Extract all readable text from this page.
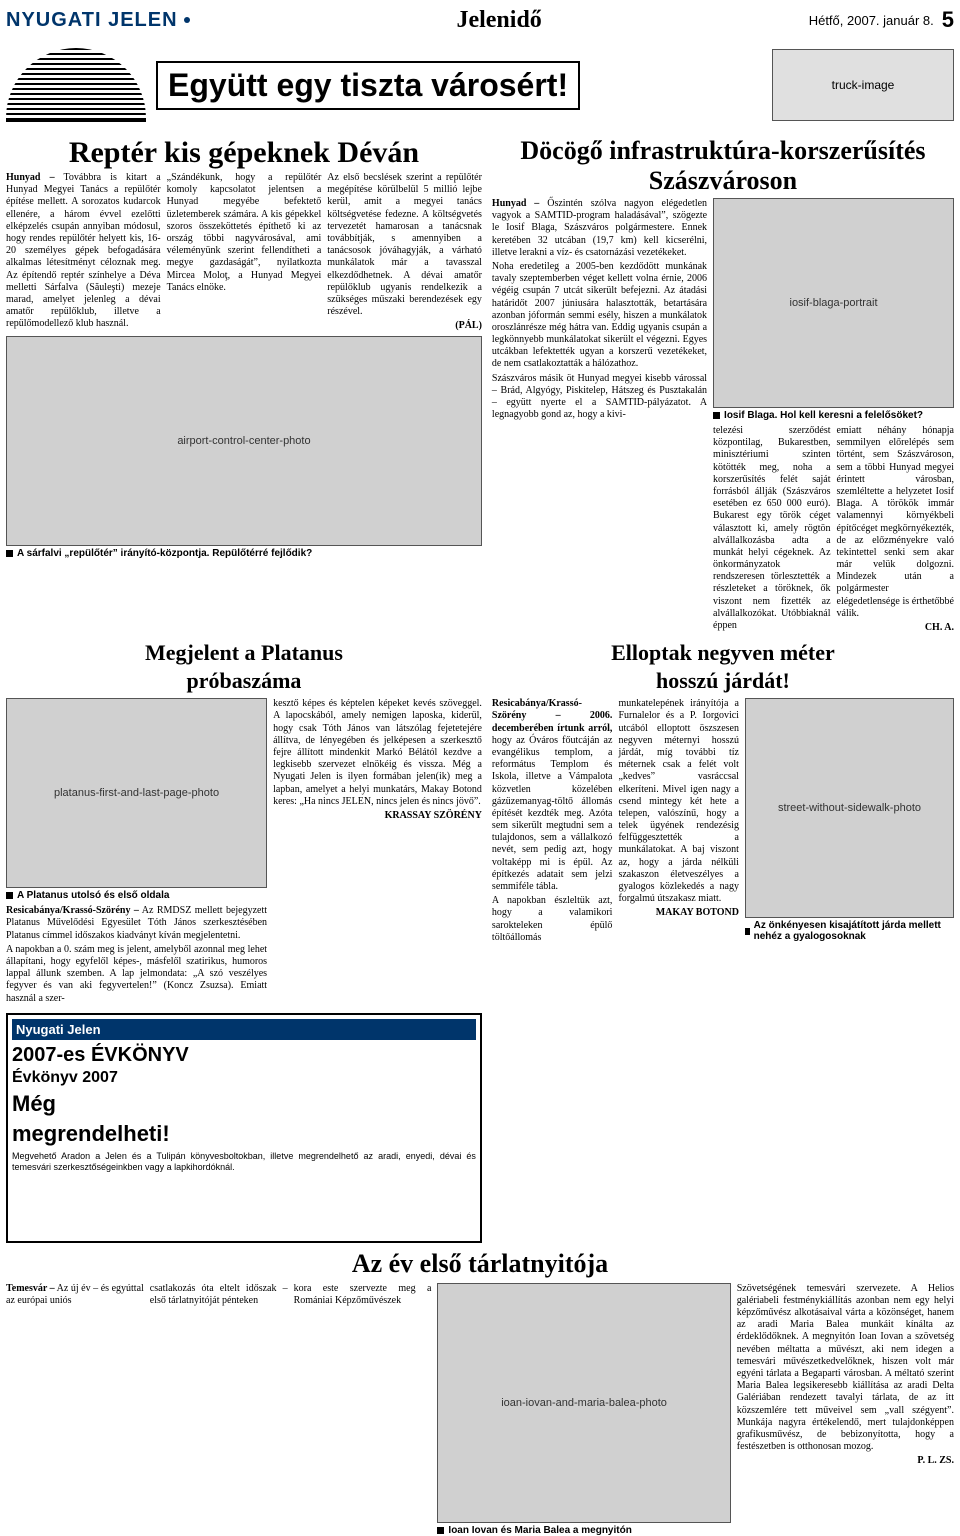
NYUGATI JELEN	Jelenidő	Hétfő, 2007. január 8. 5
Együtt egy tiszta városért!	truck-image
Reptér kis gépeknek Déván

Hunyad – Továbbra is kitart a Hunyad Megyei Tanács a repülőtér építése mellett. A sorozatos kudarcok ellenére, a három évvel ezelőtti elképzelés csupán annyiban módosul, hogy rendes repülőtér helyett kis, 16-20 személyes gépek befogadására alkalmas létesítményt céloznak meg. Az építendő reptér színhelye a Déva melletti Sárfalva (Săuleşti) mezeje marad, amelyet jelenleg a dévai amatőr repülőklub, illetve a repülőmodellező klub használ.

„Szándékunk, hogy a repülőtér komoly kapcsolatot jelentsen a Hunyad megyébe befektető üzletemberek számára. A kis gépekkel szoros összeköttetés építhető ki az ország többi nagyvárosával, ami véleményünk szerint fellendítheti a megye gazdaságát”, nyilatkozta Mircea Moloţ, a Hunyad Megyei Tanács elnöke.

Az első becslések szerint a repülőtér megépítése körülbelül 5 millió lejbe kerül, amit a megyei tanács költségvetése fedezne. A költségvetés tervezetét hamarosan a tanácsnak továbbítják, s amennyiben a tanácsosok jóváhagyják, a várható munkálatok már a tavasszal elkezdődhetnek. A dévai amatőr repülőklub ugyanis rendelkezik a szükséges műszaki berendezések egy részével.

(PÁL)
airport-control-center-photo
A sárfalvi „repülőtér” irányító-központja. Repülőtérré fejlődik?
Döcögő infrastruktúra-korszerűsítés Szászvároson

Hunyad – Őszintén szólva nagyon elégedetlen vagyok a SAMTID-program haladásával”, szögezte le Iosif Blaga, Szászváros polgármestere. Ennek keretében 32 utcában (19,7 km) kell kicserélni, illetve lerakni a víz- és csatornázási vezetékeket.

Noha eredetileg a 2005-ben kezdődött munkának tavaly szeptemberben véget kellett volna érnie, 2006 végéig csupán 7 utcát sikerült befejezni. Az átadási határidőt 2007 júniusára halasztották, betartására azonban jóformán semmi esély, hiszen a munkálatok oroszlánrésze még hátra van. Eddig ugyanis csupán a legkönnyebb munkálatokat sikerült el végezni. Egyes utcákban lefektették ugyan a korszerű vezetékeket, de nem csatlakoztatták a hálózathoz.

Szászváros másik öt Hunyad megyei kisebb várossal – Brád, Algyógy, Piskitelep, Hátszeg és Pusztakalán – együtt nyerte el a SAMTID-pályázatot. A legnagyobb gond az, hogy a kivi-

iosif-blaga-portrait
Iosif Blaga. Hol kell keresni a felelősöket?

telezési szerződést központilag, Bukarestben, minisztériumi szinten kötötték meg, noha a korszerűsítés felét saját forrásból állják (Szászváros esetében ez 650 000 euró). Bukarest egy török céget választott ki, amely rögtön alvállalkozásba adta a munkát helyi cégeknek. Az önkormányzatok rendszeresen törlesztették a részleteket a töröknek, ők viszont nem fizették az alvállalkozókat. Utóbbiaknál éppen

emiatt néhány hónapja semmilyen előrelépés sem történt, sem Szászvároson, sem a többi Hunyad megyei érintett városban, szemléltette a helyzetet Iosif Blaga. A törökök immár valamennyi környékbeli építőcéget megkörnyékezték, de az előzményekre való tekintettel senki sem akar már velük dolgozni. Mindezek után a polgármester elégedetlensége is érthetőbbé válik.

CH. A.
Megjelent a Platanus
próbaszáma
platanus-first-and-last-page-photo
A Platanus utolsó és első oldala

Resicabánya/Krassó-Szörény – Az RMDSZ mellett bejegyzett Platanus Művelődési Egyesület Tóth János szerkesztésében Platanus címmel időszakos kiadványt kíván megjelentetni.

A napokban a 0. szám meg is jelent, amelyből azonnal meg lehet állapítani, hogy egyfelől képes-, másfelől szatirikus, humoros lappal állunk szemben. A lap jelmondata: „A szó veszélyes fegyver és van aki fegyvertelen!” (Koncz Zsuzsa). Emiatt használ a szer-

kesztő képes és képtelen képeket kevés szöveggel. A lapocskából, amely nemigen laposka, kiderül, hogy csak Tóth János van látszólag fejetetejére állítva, de lényegében és jelképesen a szerkesztő fejre állított mindenkit Markó Bélától kezdve a legkisebb szervezet elnökéig és vissza. Még a Nyugati Jelen is ilyen formában jelen(ik) meg a lapban, amelyet a helyi munkatárs, Makay Botond keres: „Ha nincs JELEN, nincs jelen és nincs jövő”.

KRASSAY SZÖRÉNY
Nyugati Jelen
2007-es ÉVKÖNYV
Évkönyv 2007
Még
megrendelheti!
Megvehető Aradon a Jelen és a Tulipán könyvesboltokban, illetve megrendelhető az aradi, enyedi, dévai és temesvári szerkesztőségeinkben vagy a lapkihordóknál.
Elloptak negyven méter
hosszú járdát!

Resicabánya/Krassó-Szörény – 2006. decemberében írtunk arról, hogy az Óváros főutcáján az evangélikus templom, a református Templom és Iskola, illetve a Vámpalota közvetlen közelében gázüzemanyag-töltő állomás építését kezdték meg. Azóta sem sikerült megtudni sem a tulajdonos, sem a vállalkozó nevét, sem pedig azt, hogy voltaképp mi is épül. Az építkezés adatait sem jelzi semmiféle tábla.

A napokban észleltük azt, hogy a valamikori sarokteleken épülő töltőállomás

munkatelepének irányítója a Furnalelor és a P. Iorgovici utcából elloptott öszszesen negyven méternyi hosszú járdát, míg további tíz méternek csak a felét volt „kedves” vasráccsal elkeríteni. Mivel igen nagy a csend mintegy két hete a telepen, valószínű, hogy a telek ügyének rendezésig felfüggesztették a munkálatokat. A baj viszont az, hogy a járda nélküli szakaszon életveszélyes a gyalogos közlekedés a nagy forgalmú útszakasz miatt.

MAKAY BOTOND
street-without-sidewalk-photo
Az önkényesen kisajátított járda mellett nehéz a gyalogosoknak
Az év első tárlatnyitója

Temesvár – Az új év – és egyúttal az európai uniós

csatlakozás óta eltelt időszak – első tárlatnyitóját pénteken

kora este szervezte meg a Romániai Képzőművészek

ioan-iovan-and-maria-balea-photo
Ioan Iovan és Maria Balea a megnyitón

Szövetségének temesvári szervezete. A Helios galériabeli festménykiállítás azonban nem egy helyi képzőművész alkotásaival várta a közönséget, hanem az aradi Maria Balea munkáit kínálta az érdeklődőknek. A megnyitón Ioan Iovan a szövetség nevében méltatta a művészt, aki nem idegen a temesvári művészetkedvelőknek, hiszen volt már egyéni tárlata a Begaparti városban. A méltató szerint Maria Balea legsikeresebb kiállítása az aradi Delta Galériában rendezett tavalyi tárlata, de az itt közszemlére tett műveivel sem „vall szégyent”. Munkája nagyra értékelendő, mert tulajdonképpen grafikusművész, de bebizonyította, hogy a festészetben is otthonosan mozog.

P. L. ZS.
